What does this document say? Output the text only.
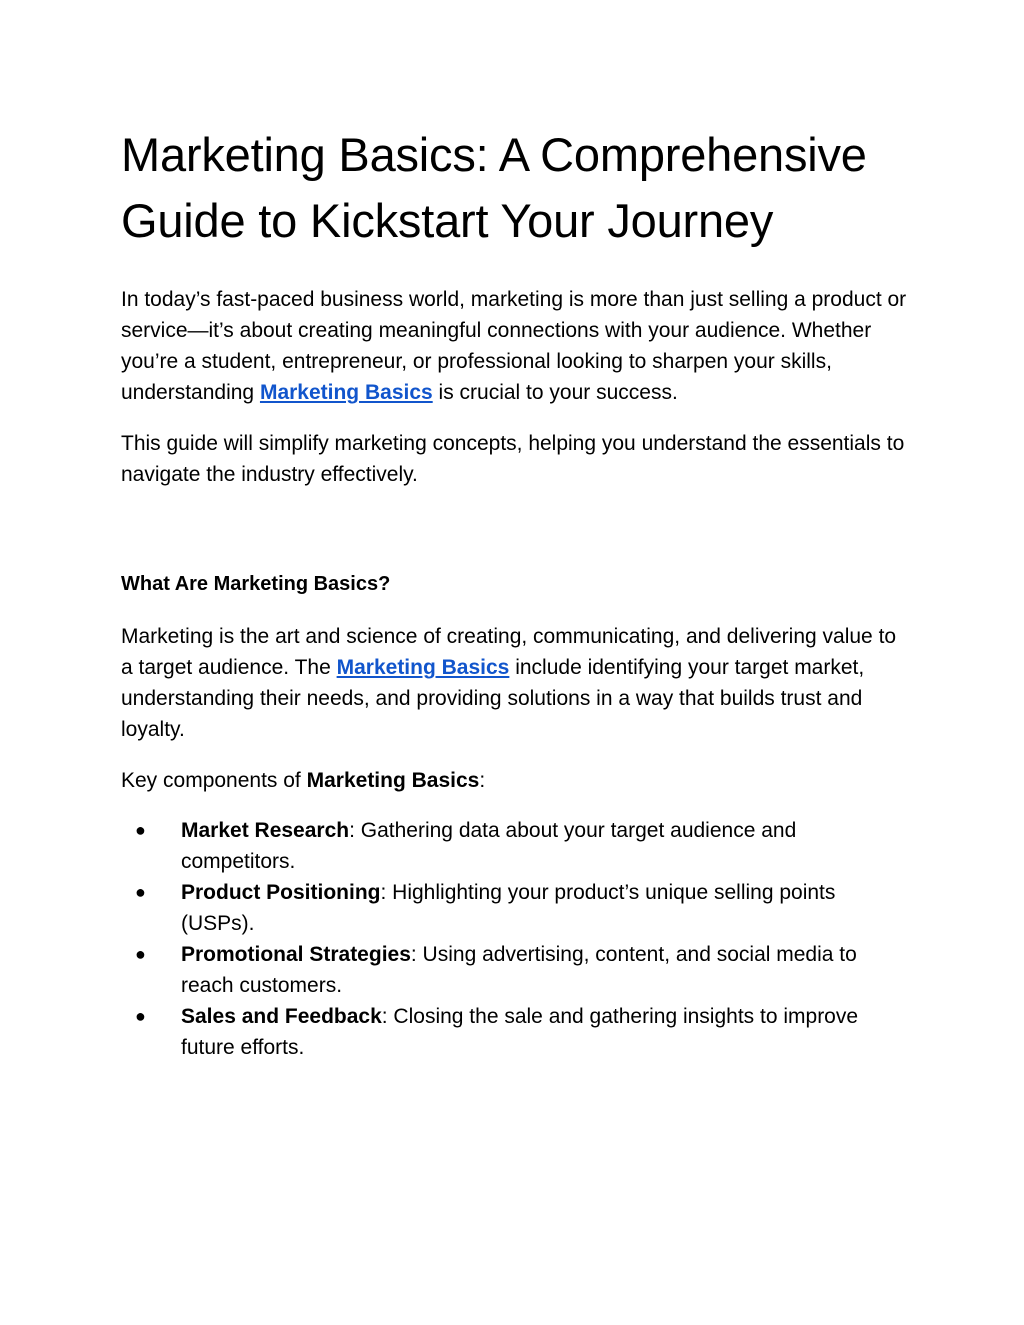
Marketing Basics: A Comprehensive Guide to Kickstart Your Journey

In today’s fast-paced business world, marketing is more than just selling a product or service—it’s about creating meaningful connections with your audience. Whether you’re a student, entrepreneur, or professional looking to sharpen your skills, understanding Marketing Basics is crucial to your success.

This guide will simplify marketing concepts, helping you understand the essentials to navigate the industry effectively.

What Are Marketing Basics?

Marketing is the art and science of creating, communicating, and delivering value to a target audience. The Marketing Basics include identifying your target market, understanding their needs, and providing solutions in a way that builds trust and loyalty.

Key components of Marketing Basics:

● Market Research: Gathering data about your target audience and competitors.
● Product Positioning: Highlighting your product’s unique selling points (USPs).
● Promotional Strategies: Using advertising, content, and social media to reach customers.
● Sales and Feedback: Closing the sale and gathering insights to improve future efforts.
